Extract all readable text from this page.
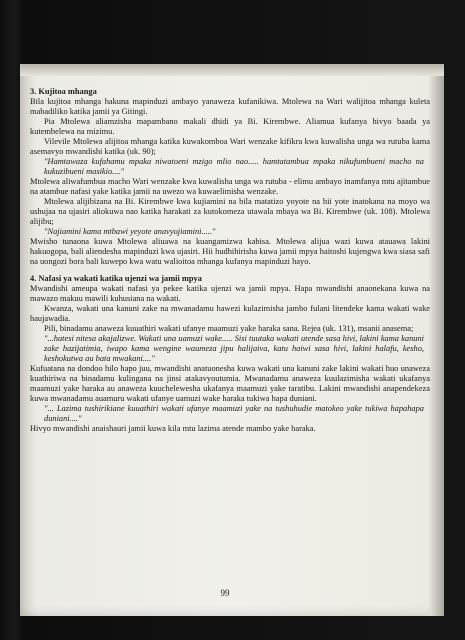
3. Kujitoa mhanga

Bila kujitoa mhanga hakuna mapinduzi ambayo yanaweza kufanikiwa. Mtolewa na Wari walijitoa mhanga kuleta mabadiliko katika jamii ya Gitingi.

Pia Mtolewa aliamzisha mapambano makali dhidi ya Bi. Kirembwe. Aliamua kufanya hivyo baada ya kutembelewa na mizimu.

Vilevile Mtolewa alijitoa mhanga katika kuwakomboa Wari wenzake kifikra kwa kuwalisha unga wa rutuba kama asemavyo mwandishi katika (uk. 90);

"Hamtawaza kufahamu mpaka niwatoeni mzigo mlio nao..... hamtatambua mpaka nikufumbueni macho na kukuzibueni masikio...."

Mtolewa aliwafumbua macho Wari wenzake kwa kuwalisha unga wa rutuba - elimu ambayo inamfanya mtu ajitambue na atambue nafasi yake katika jamii na uwezo wa kuwaelimisha wenzake.

Mtolewa alijibizana na Bi. Kirembwe kwa kujiamini na bila matatizo yoyote na hii yote inatokana na moyo wa ushujaa na ujasiri aliokuwa nao katika harakati za kutokomeza utawala mbaya wa Bi. Kirembwe (uk. 108). Mtolewa alijibu;

"Najiamini kama mtbawi yeyote anavyojiamini....."

Mwisho tunaona kuwa Mtolewa aliuawa na kuangamizwa kabisa. Mtolewa alijua wazi kuwa atauawa lakini hakuogopa, bali aliendesha mapinduzi kwa ujasiri. Hii hudhihirisha kuwa jamii mpya haitoshi kujengwa kwa siasa safi na uongozi bora bali kuwepo kwa watu walioitoa mhanga kufanya mapinduzi hayo.

4. Nafasi ya wakati katika ujenzi wa jamii mpya

Mwandishi ameupa wakati nafasi ya pekee katika ujenzi wa jamii mpya. Hapa mwandishi anaonekana kuwa na mawazo makuu mawili kuhusiana na wakati.

Kwanza, wakati una kanuni zake na mwanadamu hawezi kulazimisha jambo fulani litendeke kama wakati wake haujawadia.

Pili, binadamu anaweza kuuathiri wakati ufanye maamuzi yake haraka sana. Rejea (uk. 131), msanii anasema;

"...hatesi nitesa akajalizwe. Wakati una uamuzi wake..... Sisi tuutaka wakati utende sasa hivi, lakini kama kanuni zake hazijatimia, iwapo kama wengine waumeza jipu halijaiva, katu haiwi sasa hivi, lakini halafu, kesho, keshokutwa au bata mwakani...."

Kufuatana na dondoo hilo hapo juu, mwandishi anatuonesha kuwa wakati una kanuni zake lakini wakati huo unaweza kuathiriwa na binadamu kulingana na jinsi atakavyoutumia. Mwanadamu anaweza kuulazimisha wakati ukafanya maamuzi yake haraka au anaweza kuuchelewesha ukafanya maamuzi yake taratibu. Lakini mwandishi anapendekeza kuwa mwanadamu auamuru wakati ufanye uamuzi wake haraka tukiwa hapa duniani.

"... Lazima tushirikiane kuuathiri wakati ufanye maamuzi yake na tushuhudie matokeo yake tukiwa hapahapa duniani...."

Hivyo mwandishi anaishauri jamii kuwa kila mtu lazima atende mambo yake haraka.

99
